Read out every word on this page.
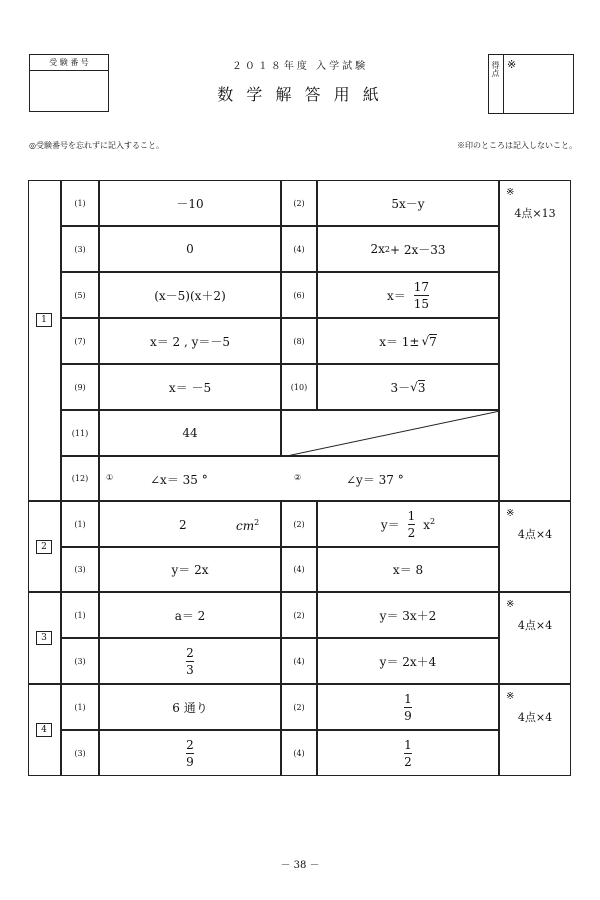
受 験 番 号	２０１８年度 入学試験
数 学 解 答 用 紙
得点 ※
◎受験番号を忘れずに記入すること。	※印のところは記入しないこと。
1
※
4点×13
(1)	－10	(2)	5x－y
(3)	0	(4)	2x 2 + 2x－33
(5)	(x－5)(x＋2)	(6)	$x= \frac{17}{15}$
(7)	x＝ 2 , y＝－5	(8)	x＝ 1± √ 7
(9)	x＝ －5	(10)	3－ √ 3
(11)	44
(12)	①	∠x＝ 35 °	②	∠y＝ 37 °
2
※
4点×4
(1)	2	$cm^2$	(2)	$y= \frac{1}{2} x^2$
(3)	y＝ 2x	(4)	x＝ 8
3
※
4点×4
(1)	a＝ 2	(2)	y＝ 3x＋2
(3)	$\frac{2}{3}$	(4)	y＝ 2x＋4
4
※
4点×4
(1)	6 通り	(2)	$\frac{1}{9}$
(3)	$\frac{2}{9}$	(4)	$\frac{1}{2}$
－ 38 －
